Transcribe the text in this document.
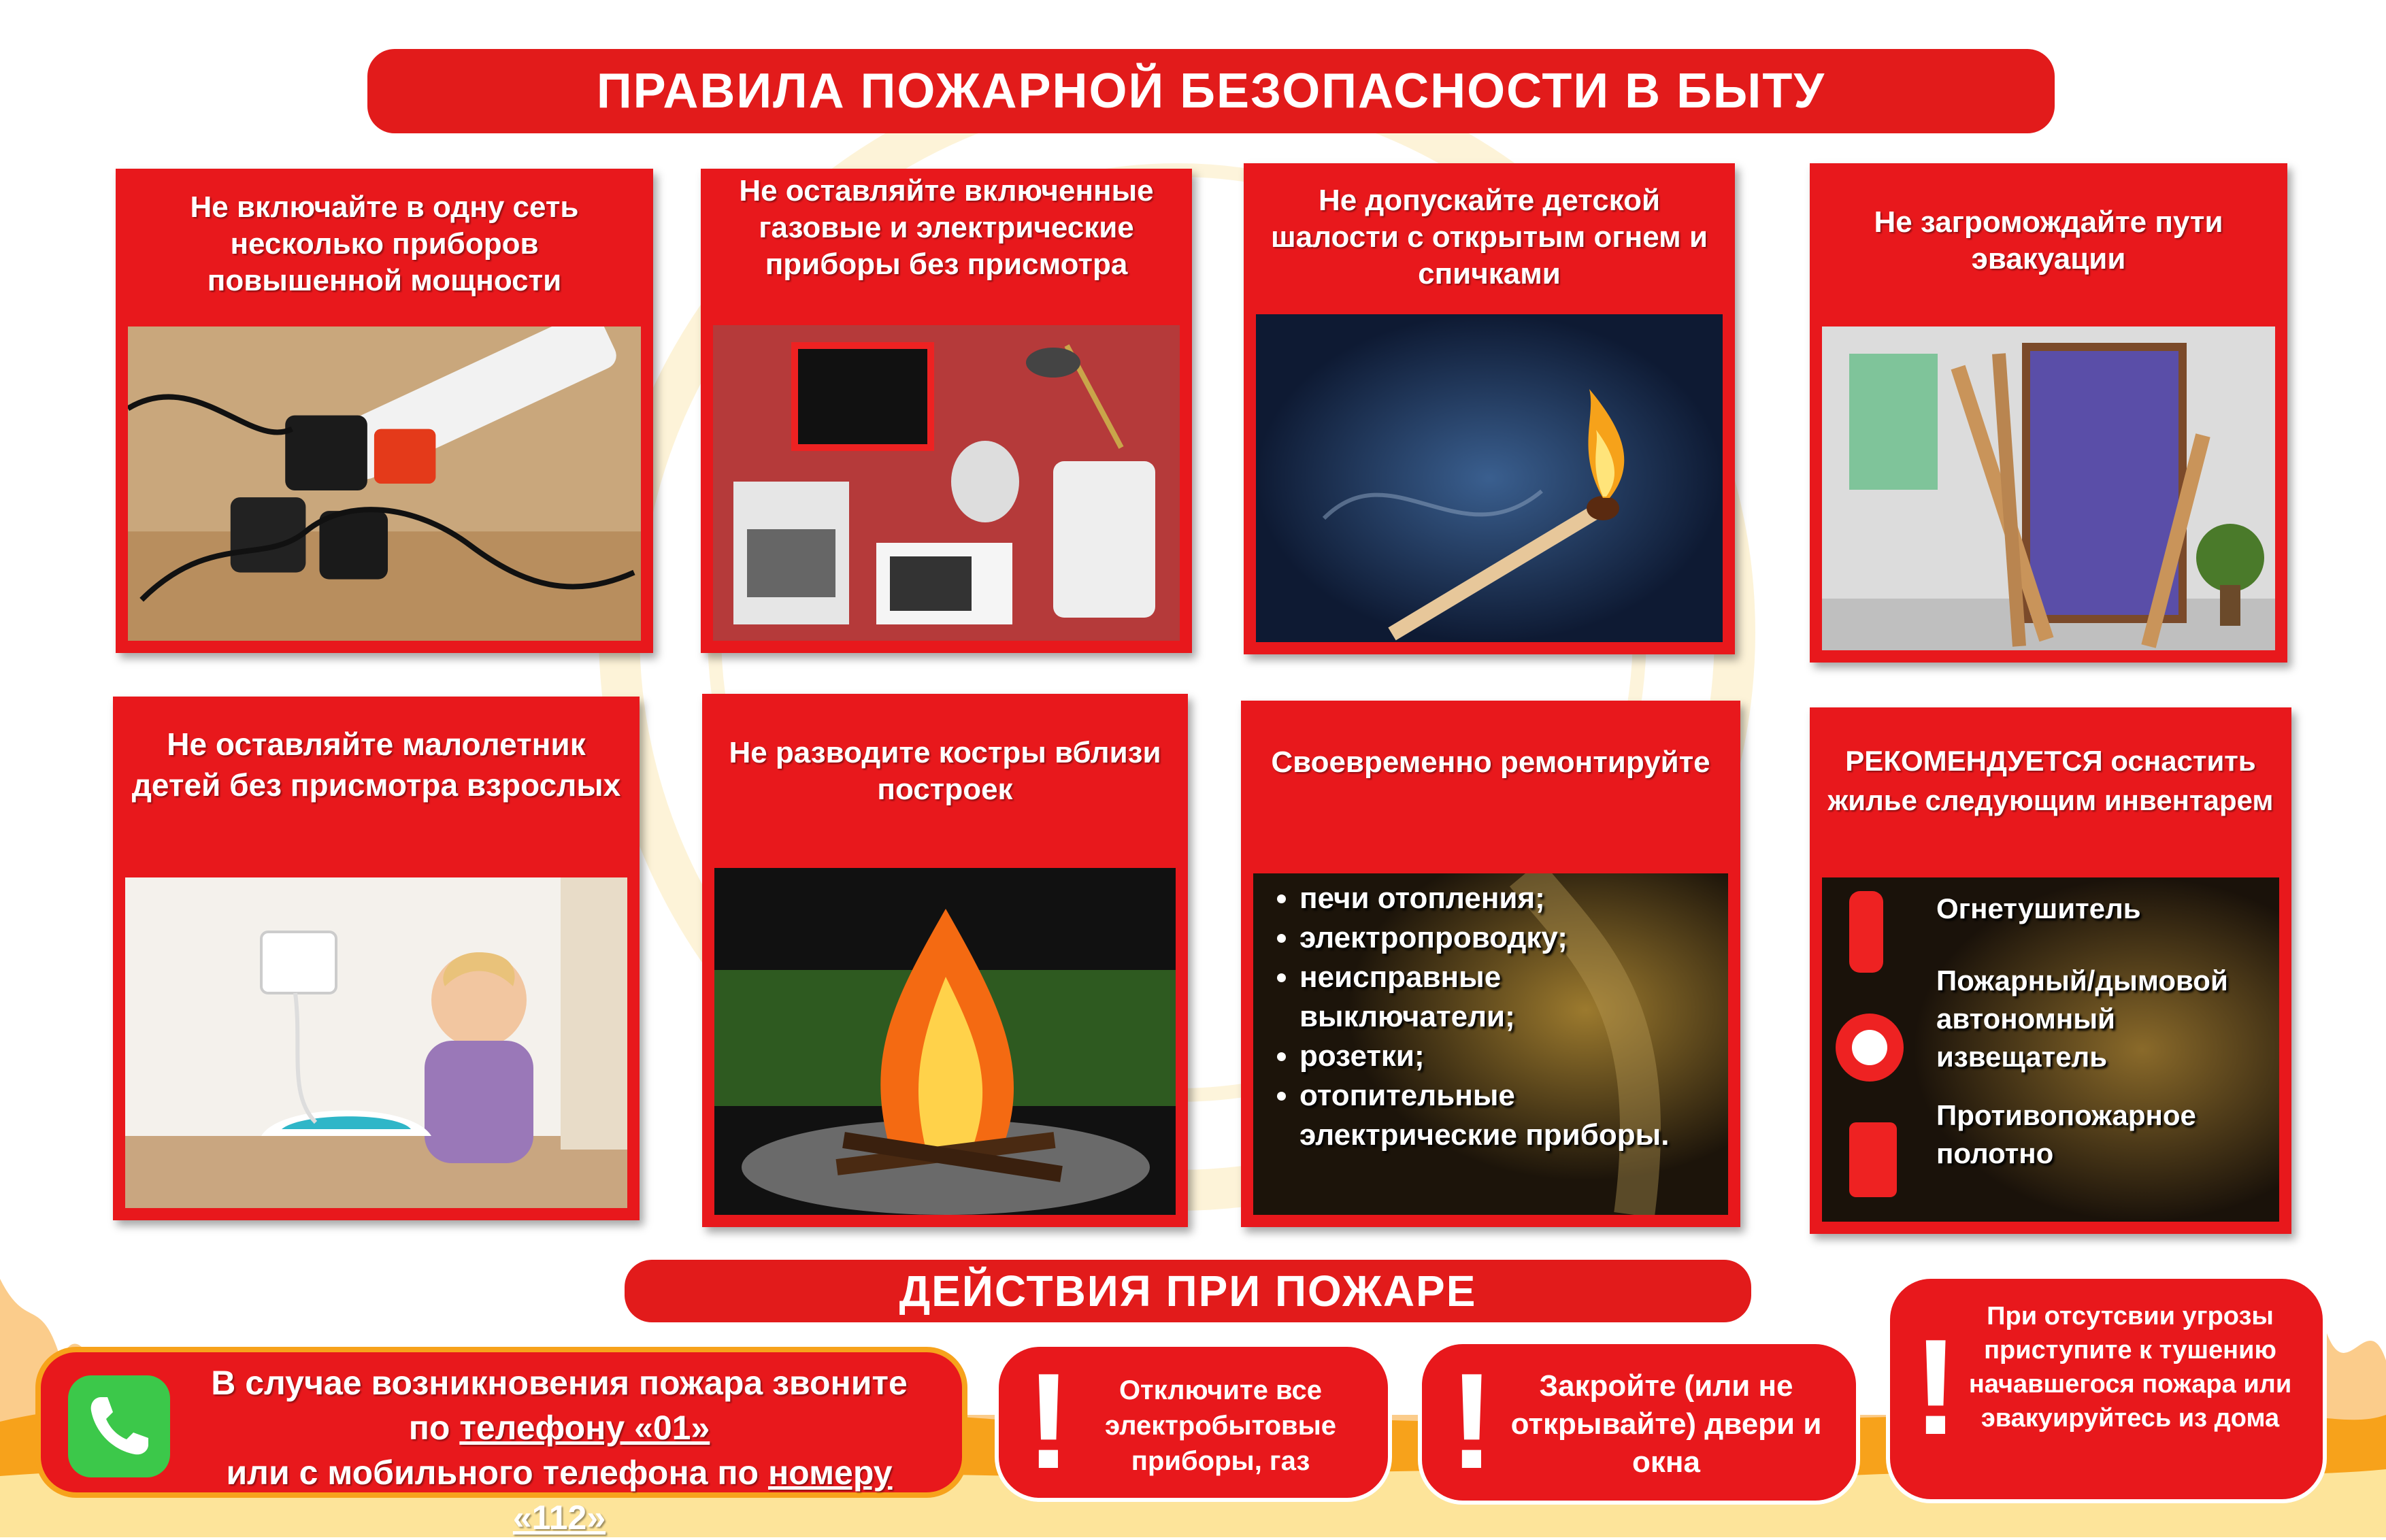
ПРАВИЛА ПОЖАРНОЙ БЕЗОПАСНОСТИ В БЫТУ
Не включайте в одну сеть несколько приборов повышенной мощности
Не оставляйте включенные газовые и электрические приборы без присмотра
Не допускайте детской шалости с открытым огнем и спичками
Не загромождайте пути эвакуации
Не оставляйте малолетник детей без присмотра взрослых
Не разводите костры вблизи построек
Своевременно ремонтируйте
• печи отопления;
• электропроводку;
• неисправные выключатели;
• розетки;
• отопительные электрические приборы.
РЕКОМЕНДУЕТСЯ оснастить жилье следующим инвентарем
Огнетушитель
Пожарный/дымовой автономный извещатель
Противопожарное полотно
ДЕЙСТВИЯ ПРИ ПОЖАРЕ
В случае возникновения пожара звоните
по телефону «01»
или с мобильного телефона по номеру «112»
!	Отключите все электробытовые приборы, газ	!	Закройте (или не открывайте) двери и окна	!	При отсутсвии угрозы приступите к тушению начавшегося пожара или эвакуируйтесь из дома
